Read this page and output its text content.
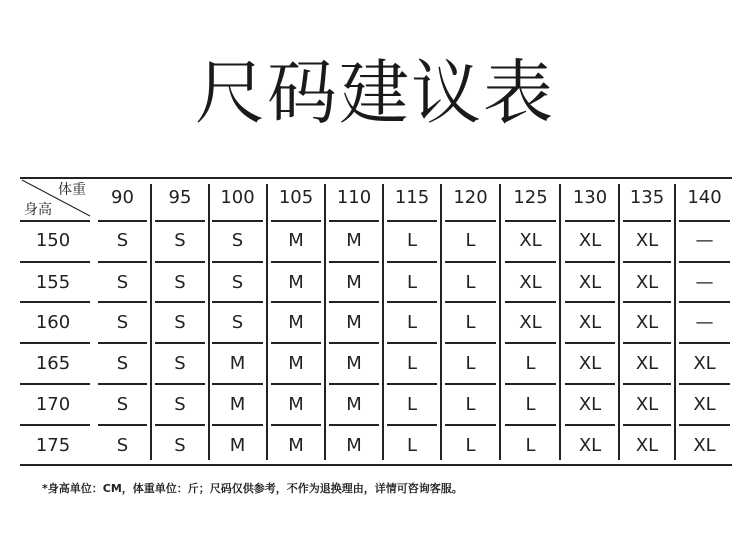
尺码建议表
体重
身高
90	95	100	105	110	115	120	125	130	135	140
150	S	S	S	M	M	L	L	XL	XL	XL	—
155	S	S	S	M	M	L	L	XL	XL	XL	—
160	S	S	S	M	M	L	L	XL	XL	XL	—
165	S	S	M	M	M	L	L	L	XL	XL	XL
170	S	S	M	M	M	L	L	L	XL	XL	XL
175	S	S	M	M	M	L	L	L	XL	XL	XL
*身高单位：CM，体重单位：斤；尺码仅供参考，不作为退换理由，详情可咨询客服。
